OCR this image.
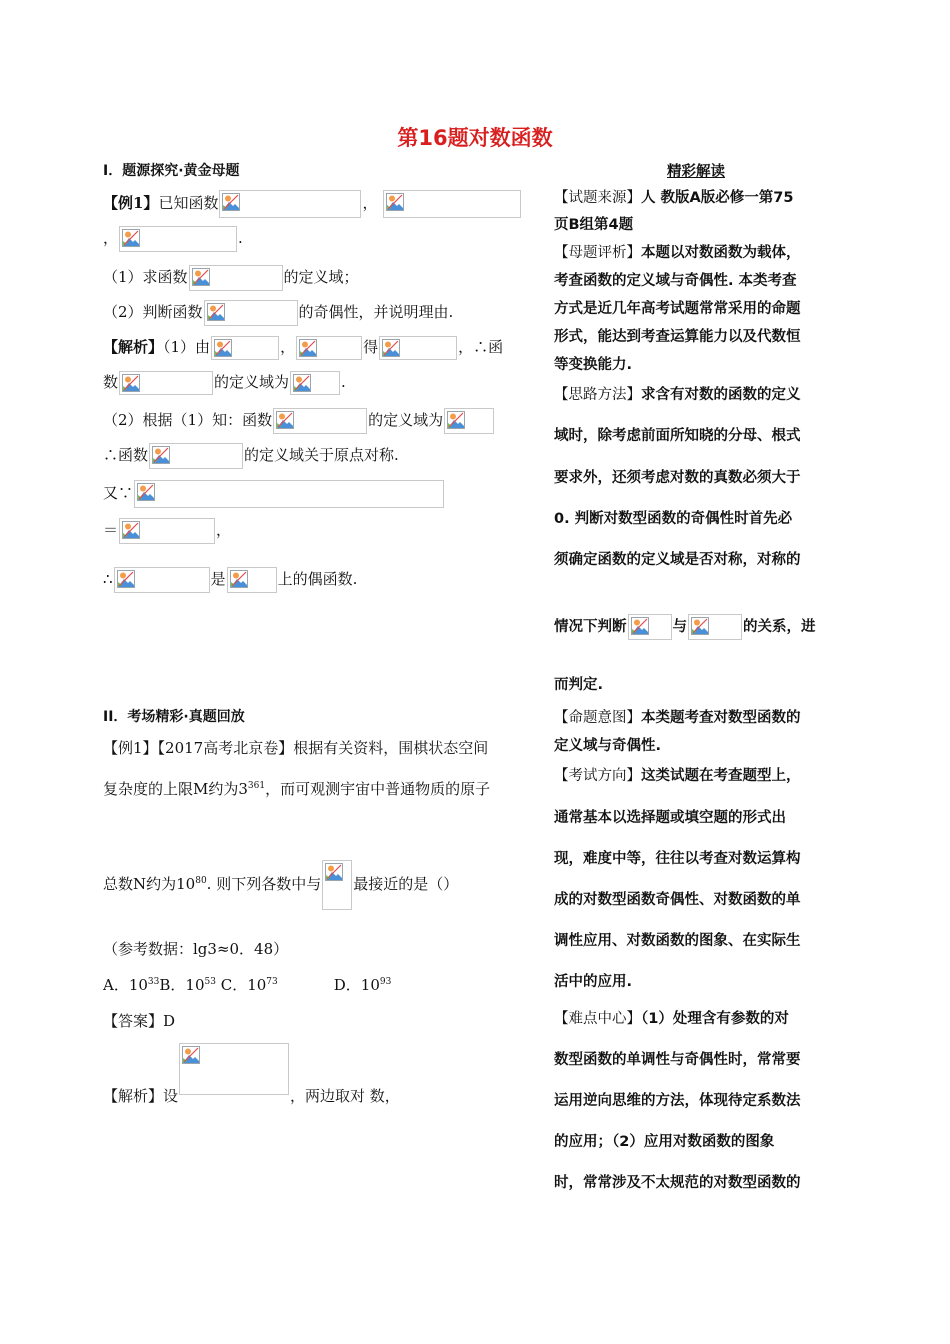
第16题对数函数
I．题源探究·黄金母题
【例1】已知函数	，
，	.
（1）求函数	的定义域；
（2）判断函数	的奇偶性，并说明理由.
【解析】（1）由	，	得	，∴函
数	的定义域为	.
（2）根据（1）知：函数	的定义域为
∴函数	的定义域关于原点对称.
又∵
＝	，
∴	是	上的偶函数.
II．考场精彩·真题回放
【例1】【2017高考北京卷】根据有关资料，围棋状态空间
复杂度的上限M约为$3^{361}$，而可观测宇宙中普通物质的原子
总数N约为$10^{80}$. 则下列各数中与 最接近的是（）
（参考数据：lg3≈0．48）
A．$10^{33}B$．$10^{53}$ C．$10^{73}$	D．$10^{93}$
【答案】D
【解析】设	，两边取对 数，
精彩解读
【试题来源】人 教版A版必修一第75
页B组第4题
【母题评析】本题以对数函数为载体，
考查函数的定义域与奇偶性. 本类考查
方式是近几年高考试题常常采用的命题
形式，能达到考查运算能力以及代数恒
等变换能力.
【思路方法】求含有对数的函数的定义
域时，除考虑前面所知晓的分母、根式
要求外，还须考虑对数的真数必须大于
0. 判断对数型函数的奇偶性时首先必
须确定函数的定义域是否对称，对称的
情况下判断	与	的关系，进
而判定.
【命题意图】本类题考查对数型函数的
定义域与奇偶性.
【考试方向】这类试题在考查题型上，
通常基本以选择题或填空题的形式出
现，难度中等，往往以考查对数运算构
成的对数型函数奇偶性、对数函数的单
调性应用、对数函数的图象、在实际生
活中的应用.
【难点中心】（1）处理含有参数的对
数型函数的单调性与奇偶性时，常常要
运用逆向思维的方法，体现待定系数法
的应用；（2）应用对数函数的图象
时，常常涉及不太规范的对数型函数的
